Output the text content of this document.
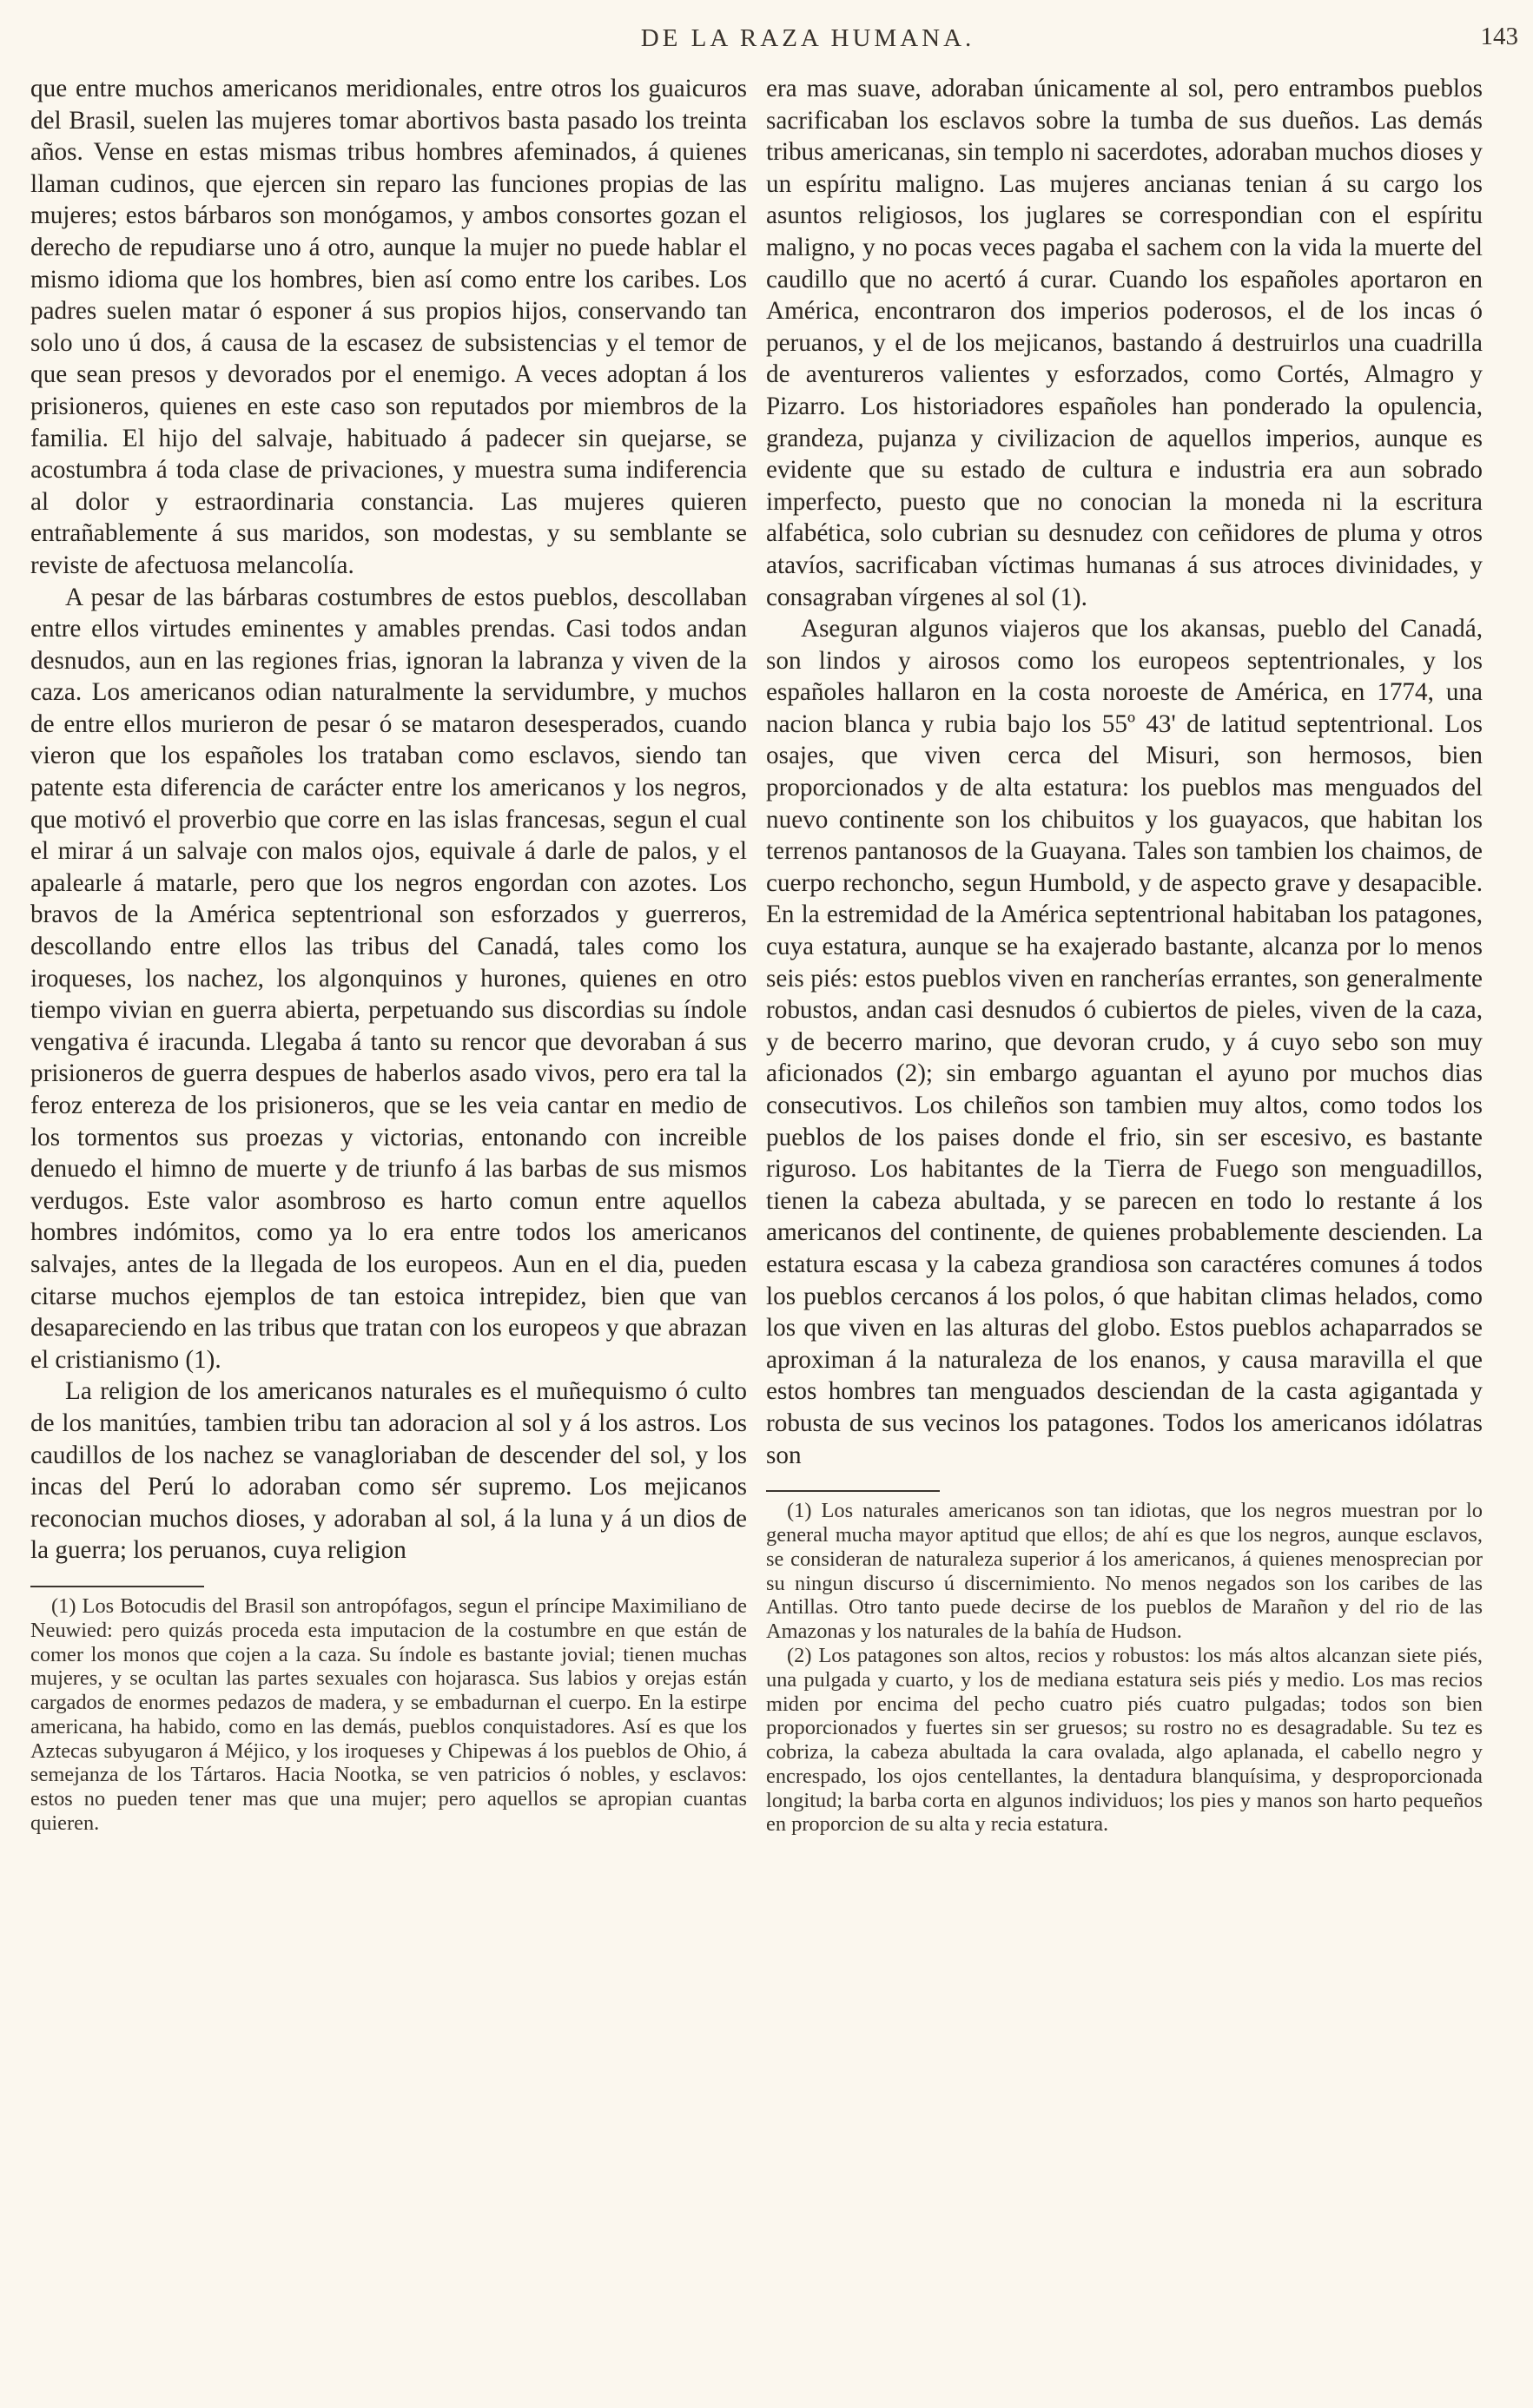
DE LA RAZA HUMANA.	143

que entre muchos americanos meridionales, entre otros los guaicuros del Brasil, suelen las mujeres tomar abortivos basta pasado los treinta años. Vense en estas mismas tribus hombres afeminados, á quienes llaman cudinos, que ejercen sin reparo las funciones propias de las mujeres; estos bárbaros son monógamos, y ambos consortes gozan el derecho de repudiarse uno á otro, aunque la mujer no puede hablar el mismo idioma que los hombres, bien así como entre los caribes. Los padres suelen matar ó esponer á sus propios hijos, conservando tan solo uno ú dos, á causa de la escasez de subsistencias y el temor de que sean presos y devorados por el enemigo. A veces adoptan á los prisioneros, quienes en este caso son reputados por miembros de la familia. El hijo del salvaje, habituado á padecer sin quejarse, se acostumbra á toda clase de privaciones, y muestra suma indiferencia al dolor y estraordinaria constancia. Las mujeres quieren entrañablemente á sus maridos, son modestas, y su semblante se reviste de afectuosa melancolía.

A pesar de las bárbaras costumbres de estos pueblos, descollaban entre ellos virtudes eminentes y amables prendas. Casi todos andan desnudos, aun en las regiones frias, ignoran la labranza y viven de la caza. Los americanos odian naturalmente la servidumbre, y muchos de entre ellos murieron de pesar ó se mataron desesperados, cuando vieron que los españoles los trataban como esclavos, siendo tan patente esta diferencia de carácter entre los americanos y los negros, que motivó el proverbio que corre en las islas francesas, segun el cual el mirar á un salvaje con malos ojos, equivale á darle de palos, y el apalearle á matarle, pero que los negros engordan con azotes. Los bravos de la América septentrional son esforzados y guerreros, descollando entre ellos las tribus del Canadá, tales como los iroqueses, los nachez, los algonquinos y hurones, quienes en otro tiempo vivian en guerra abierta, perpetuando sus discordias su índole vengativa é iracunda. Llegaba á tanto su rencor que devoraban á sus prisioneros de guerra despues de haberlos asado vivos, pero era tal la feroz entereza de los prisioneros, que se les veia cantar en medio de los tormentos sus proezas y victorias, entonando con increible denuedo el himno de muerte y de triunfo á las barbas de sus mismos verdugos. Este valor asombroso es harto comun entre aquellos hombres indómitos, como ya lo era entre todos los americanos salvajes, antes de la llegada de los europeos. Aun en el dia, pueden citarse muchos ejemplos de tan estoica intrepidez, bien que van desapareciendo en las tribus que tratan con los europeos y que abrazan el cristianismo (1).

La religion de los americanos naturales es el muñequismo ó culto de los manitúes, tambien tribu tan adoracion al sol y á los astros. Los caudillos de los nachez se vanagloriaban de descender del sol, y los incas del Perú lo adoraban como sér supremo. Los mejicanos reconocian muchos dioses, y adoraban al sol, á la luna y á un dios de la guerra; los peruanos, cuya religion

(1) Los Botocudis del Brasil son antropófagos, segun el príncipe Maximiliano de Neuwied: pero quizás proceda esta imputacion de la costumbre en que están de comer los monos que cojen a la caza. Su índole es bastante jovial; tienen muchas mujeres, y se ocultan las partes sexuales con hojarasca. Sus labios y orejas están cargados de enormes pedazos de madera, y se embadurnan el cuerpo. En la estirpe americana, ha habido, como en las demás, pueblos conquistadores. Así es que los Aztecas subyugaron á Méjico, y los iroqueses y Chipewas á los pueblos de Ohio, á semejanza de los Tártaros. Hacia Nootka, se ven patricios ó nobles, y esclavos: estos no pueden tener mas que una mujer; pero aquellos se apropian cuantas quieren.

era mas suave, adoraban únicamente al sol, pero entrambos pueblos sacrificaban los esclavos sobre la tumba de sus dueños. Las demás tribus americanas, sin templo ni sacerdotes, adoraban muchos dioses y un espíritu maligno. Las mujeres ancianas tenian á su cargo los asuntos religiosos, los juglares se correspondian con el espíritu maligno, y no pocas veces pagaba el sachem con la vida la muerte del caudillo que no acertó á curar. Cuando los españoles aportaron en América, encontraron dos imperios poderosos, el de los incas ó peruanos, y el de los mejicanos, bastando á destruirlos una cuadrilla de aventureros valientes y esforzados, como Cortés, Almagro y Pizarro. Los historiadores españoles han ponderado la opulencia, grandeza, pujanza y civilizacion de aquellos imperios, aunque es evidente que su estado de cultura e industria era aun sobrado imperfecto, puesto que no conocian la moneda ni la escritura alfabética, solo cubrian su desnudez con ceñidores de pluma y otros atavíos, sacrificaban víctimas humanas á sus atroces divinidades, y consagraban vírgenes al sol (1).

Aseguran algunos viajeros que los akansas, pueblo del Canadá, son lindos y airosos como los europeos septentrionales, y los españoles hallaron en la costa noroeste de América, en 1774, una nacion blanca y rubia bajo los 55º 43' de latitud septentrional. Los osajes, que viven cerca del Misuri, son hermosos, bien proporcionados y de alta estatura: los pueblos mas menguados del nuevo continente son los chibuitos y los guayacos, que habitan los terrenos pantanosos de la Guayana. Tales son tambien los chaimos, de cuerpo rechoncho, segun Humbold, y de aspecto grave y desapacible. En la estremidad de la América septentrional habitaban los patagones, cuya estatura, aunque se ha exajerado bastante, alcanza por lo menos seis piés: estos pueblos viven en rancherías errantes, son generalmente robustos, andan casi desnudos ó cubiertos de pieles, viven de la caza, y de becerro marino, que devoran crudo, y á cuyo sebo son muy aficionados (2); sin embargo aguantan el ayuno por muchos dias consecutivos. Los chileños son tambien muy altos, como todos los pueblos de los paises donde el frio, sin ser escesivo, es bastante riguroso. Los habitantes de la Tierra de Fuego son menguadillos, tienen la cabeza abultada, y se parecen en todo lo restante á los americanos del continente, de quienes probablemente descienden. La estatura escasa y la cabeza grandiosa son caractéres comunes á todos los pueblos cercanos á los polos, ó que habitan climas helados, como los que viven en las alturas del globo. Estos pueblos achaparrados se aproximan á la naturaleza de los enanos, y causa maravilla el que estos hombres tan menguados desciendan de la casta agigantada y robusta de sus vecinos los patagones. Todos los americanos idólatras son

(1) Los naturales americanos son tan idiotas, que los negros muestran por lo general mucha mayor aptitud que ellos; de ahí es que los negros, aunque esclavos, se consideran de naturaleza superior á los americanos, á quienes menosprecian por su ningun discurso ú discernimiento. No menos negados son los caribes de las Antillas. Otro tanto puede decirse de los pueblos de Marañon y del rio de las Amazonas y los naturales de la bahía de Hudson.

(2) Los patagones son altos, recios y robustos: los más altos alcanzan siete piés, una pulgada y cuarto, y los de mediana estatura seis piés y medio. Los mas recios miden por encima del pecho cuatro piés cuatro pulgadas; todos son bien proporcionados y fuertes sin ser gruesos; su rostro no es desagradable. Su tez es cobriza, la cabeza abultada la cara ovalada, algo aplanada, el cabello negro y encrespado, los ojos centellantes, la dentadura blanquísima, y desproporcionada longitud; la barba corta en algunos individuos; los pies y manos son harto pequeños en proporcion de su alta y recia estatura.
